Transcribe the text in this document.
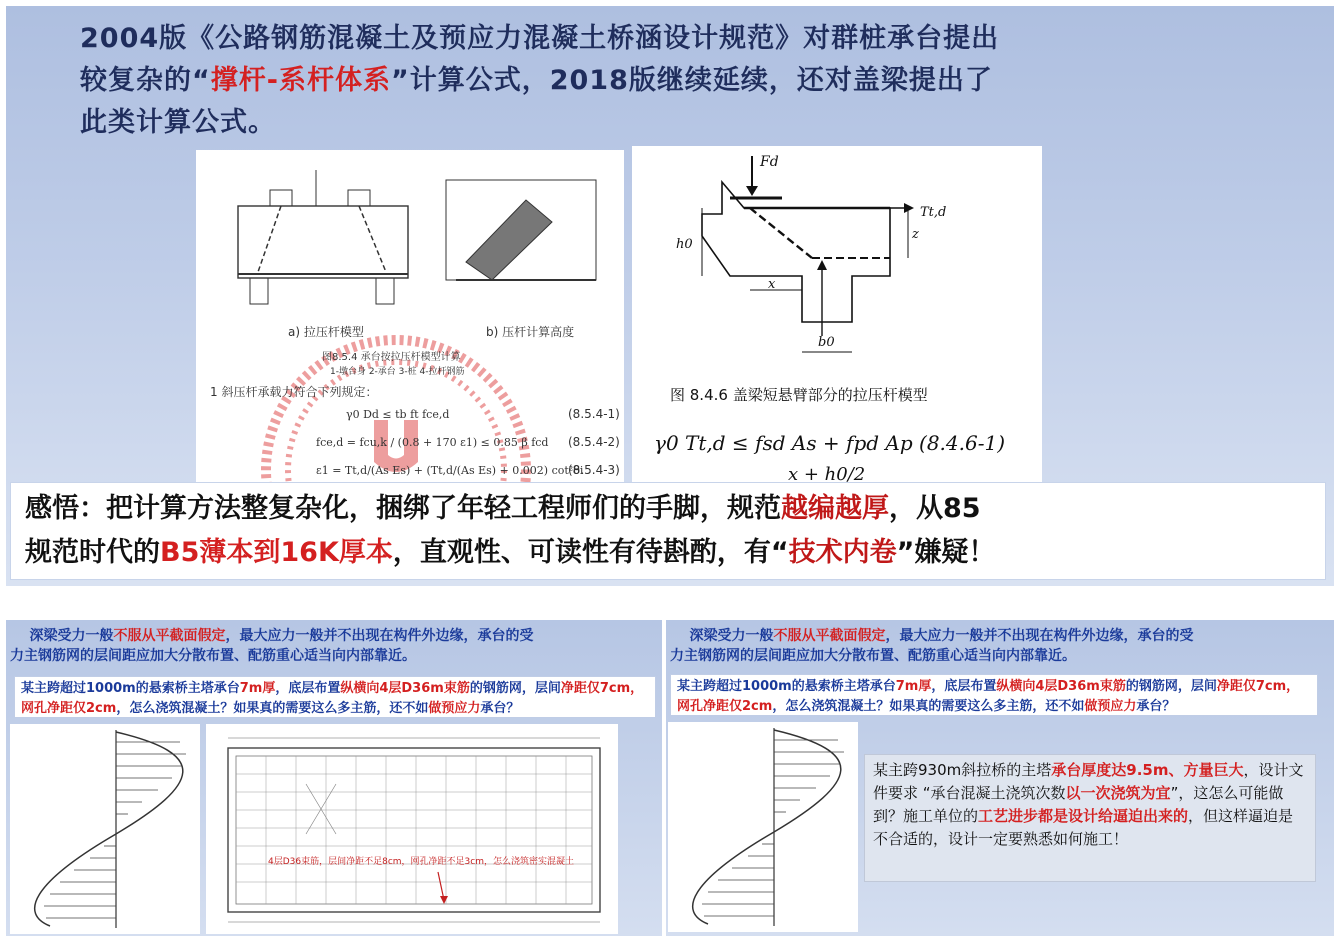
2004版《公路钢筋混凝土及预应力混凝土桥涵设计规范》对群桩承台提出
较复杂的“撑杆-系杆体系”计算公式，2018版继续延续，还对盖梁提出了
此类计算公式。
a) 拉压杆模型	b) 压杆计算高度
图8.5.4 承台按拉压杆模型计算
1-墩台身 2-承台 3-桩 4-拉杆钢筋
1 斜压杆承载力符合下列规定：
γ0 Dd ≤ tb ft fce,d	(8.5.4-1)
fce,d = fcu,k / (0.8 + 170 ε1) ≤ 0.85 β fcd (8.5.4-2)
ε1 = Tt,d/(As Es) + (Tt,d/(As Es) + 0.002) cot²θi
(8.5.4-3)
Fd
Tt,d
h0
x
b0
z
图 8.4.6 盖梁短悬臂部分的拉压杆模型
γ0 Tt,d ≤ fsd As + fpd Ap (8.4.6-1)
x + h0/2
感悟：把计算方法整复杂化，捆绑了年轻工程师们的手脚，规范越编越厚，从85
规范时代的B5薄本到16K厚本，直观性、可读性有待斟酌，有“技术内卷”嫌疑！
深梁受力一般不服从平截面假定，最大应力一般并不出现在构件外边缘，承台的受
力主钢筋网的层间距应加大分散布置、配筋重心适当向内部靠近。
某主跨超过1000m的悬索桥主塔承台7m厚，底层布置纵横向4层D36m束筋的钢筋网，层间净距仅7cm，网孔净距仅2cm，怎么浇筑混凝土？如果真的需要这么多主筋，还不如做预应力承台？
4层D36束筋，层间净距不足8cm，网孔净距不足3cm，怎么浇筑密实混凝土
深梁受力一般不服从平截面假定，最大应力一般并不出现在构件外边缘，承台的受
力主钢筋网的层间距应加大分散布置、配筋重心适当向内部靠近。
某主跨超过1000m的悬索桥主塔承台7m厚，底层布置纵横向4层D36m束筋的钢筋网，层间净距仅7cm，网孔净距仅2cm，怎么浇筑混凝土？如果真的需要这么多主筋，还不如做预应力承台？
某主跨930m斜拉桥的主塔承台厚度达9.5m、方量巨大，设计文件要求 “承台混凝土浇筑次数以一次浇筑为宜”，这怎么可能做到？施工单位的工艺进步都是设计给逼迫出来的，但这样逼迫是不合适的，设计一定要熟悉如何施工！
